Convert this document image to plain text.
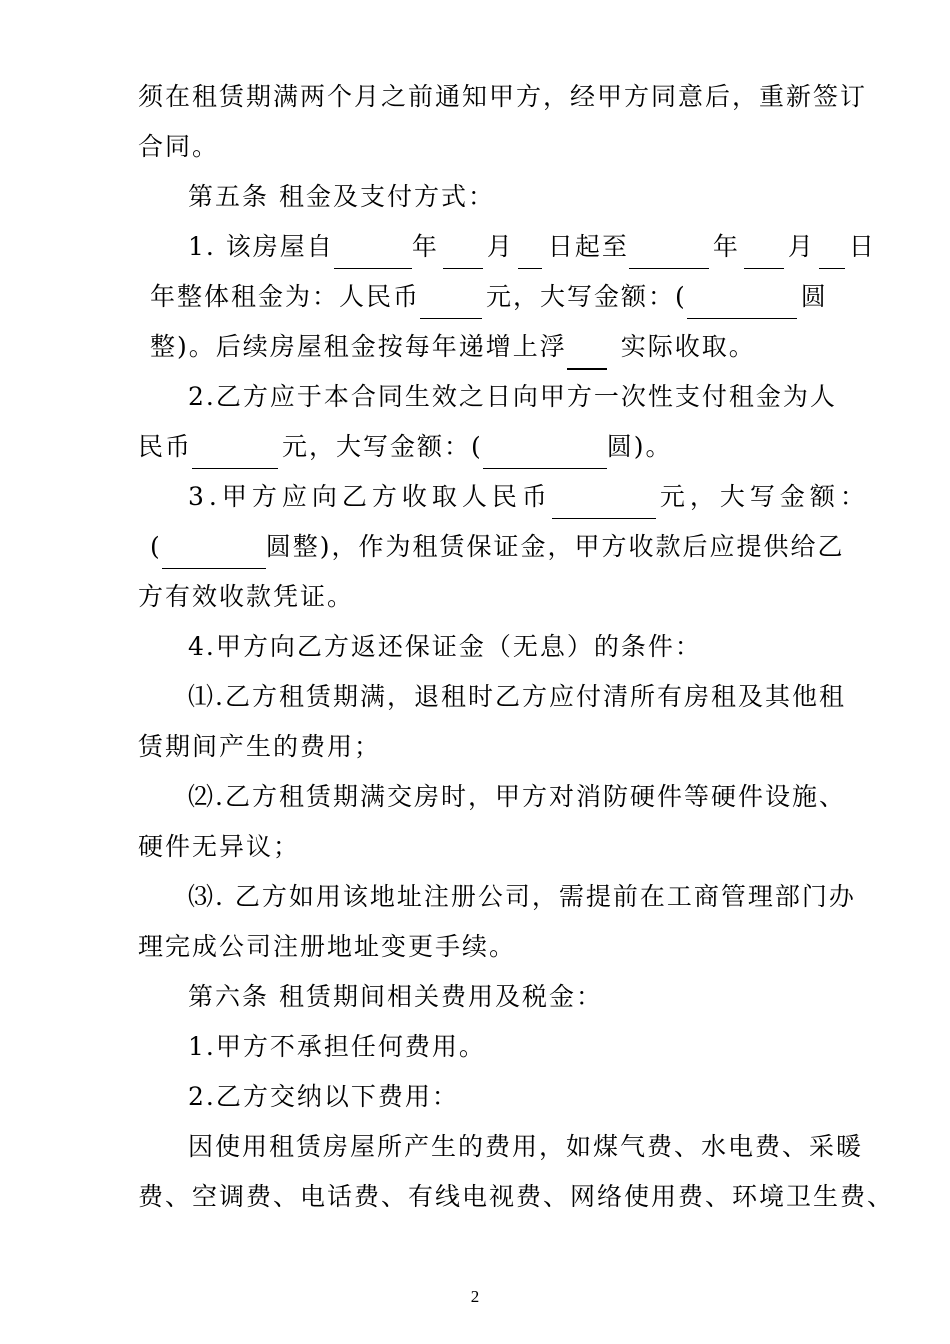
须在租赁期满两个月之前通知甲方，经甲方同意后，重新签订
合同。
第五条 租金及支付方式：
1. 该房屋自	年 月 日起至	年 月 日
年整体租金为：人民币	元，大写金额：(	圆
整)。后续房屋租金按每年递增上浮 实际收取。
2.乙方应于本合同生效之日向甲方一次性支付租金为人
民币	元，大写金额：(	圆)。
3.甲方应向乙方收取人民币	元，大写金额：
(	圆整)，作为租赁保证金，甲方收款后应提供给乙
方有效收款凭证。
4.甲方向乙方返还保证金（无息）的条件：
⑴.乙方租赁期满，退租时乙方应付清所有房租及其他租
赁期间产生的费用；
⑵.乙方租赁期满交房时，甲方对消防硬件等硬件设施、
硬件无异议；
⑶. 乙方如用该地址注册公司，需提前在工商管理部门办
理完成公司注册地址变更手续。
第六条 租赁期间相关费用及税金：
1.甲方不承担任何费用。
2.乙方交纳以下费用：
因使用租赁房屋所产生的费用，如煤气费、水电费、采暖
费、空调费、电话费、有线电视费、网络使用费、环境卫生费、
2
